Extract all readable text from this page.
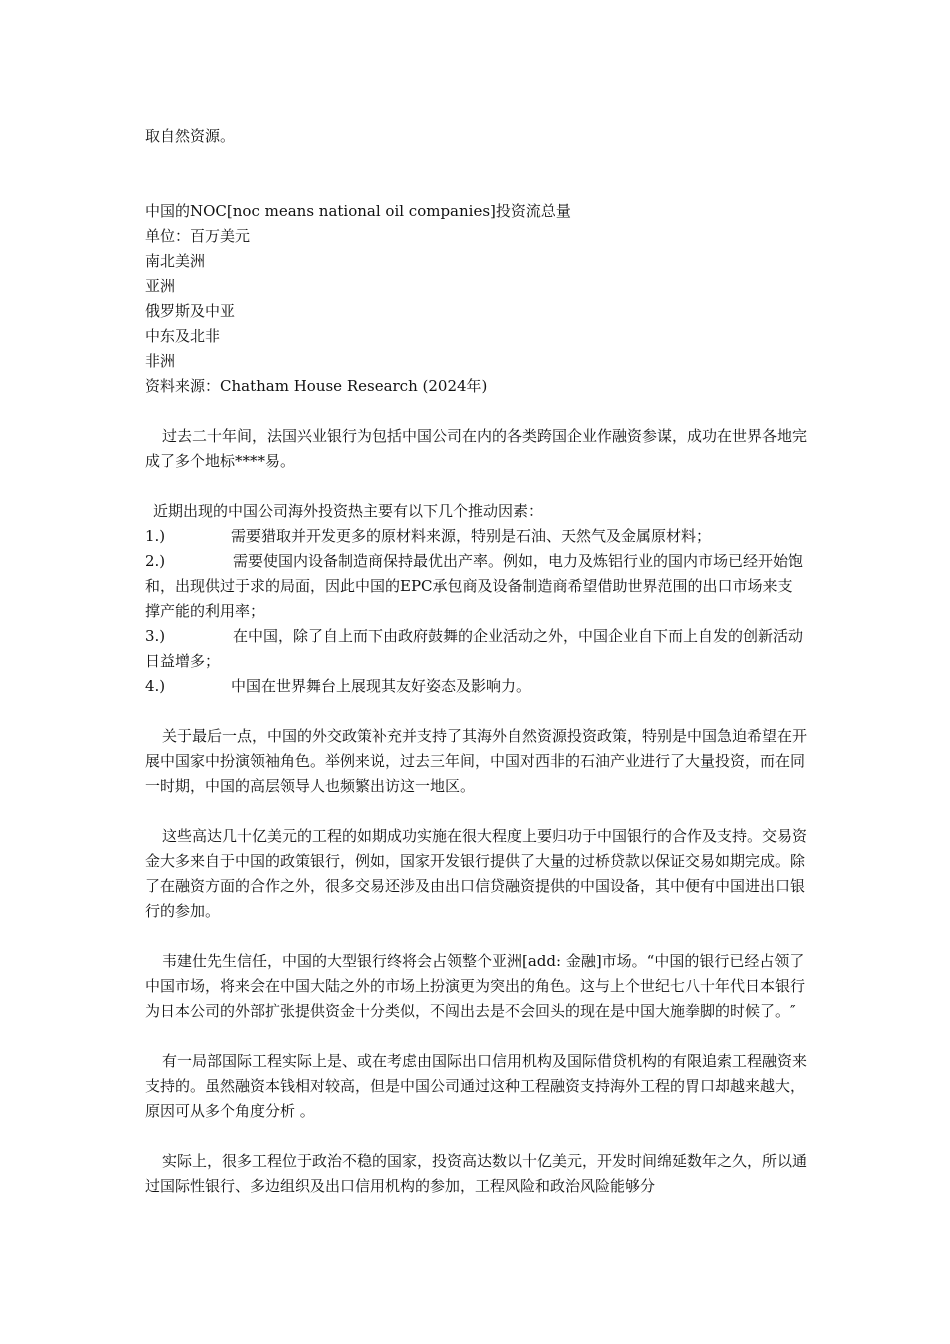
取自然资源。

中国的NOC[noc means national oil companies]投资流总量

单位：百万美元

南北美洲

亚洲

俄罗斯及中亚

中东及北非

非洲

资料来源：Chatham House Research (2024年)

过去二十年间，法国兴业银行为包括中国公司在内的各类跨国企业作融资参谋，成功在世界各地完成了多个地标****易。

近期出现的中国公司海外投资热主要有以下几个推动因素：

1.)	需要猎取并开发更多的原材料来源，特别是石油、天然气及金属原材料；

2.)	需要使国内设备制造商保持最优出产率。例如，电力及炼铝行业的国内市场已经开始饱和，出现供过于求的局面，因此中国的EPC承包商及设备制造商希望借助世界范围的出口市场来支撑产能的利用率；

3.)	在中国，除了自上而下由政府鼓舞的企业活动之外，中国企业自下而上自发的创新活动日益增多；

4.)	中国在世界舞台上展现其友好姿态及影响力。

关于最后一点，中国的外交政策补充并支持了其海外自然资源投资政策，特别是中国急迫希望在开展中国家中扮演领袖角色。举例来说，过去三年间，中国对西非的石油产业进行了大量投资，而在同一时期，中国的高层领导人也频繁出访这一地区。

这些高达几十亿美元的工程的如期成功实施在很大程度上要归功于中国银行的合作及支持。交易资金大多来自于中国的政策银行，例如，国家开发银行提供了大量的过桥贷款以保证交易如期完成。除了在融资方面的合作之外，很多交易还涉及由出口信贷融资提供的中国设备，其中便有中国进出口银行的参加。

韦建仕先生信任，中国的大型银行终将会占领整个亚洲[add: 金融]市场。“中国的银行已经占领了中国市场，将来会在中国大陆之外的市场上扮演更为突出的角色。这与上个世纪七八十年代日本银行为日本公司的外部扩张提供资金十分类似，不闯出去是不会回头的现在是中国大施拳脚的时候了。″

有一局部国际工程实际上是、或在考虑由国际出口信用机构及国际借贷机构的有限追索工程融资来支持的。虽然融资本钱相对较高，但是中国公司通过这种工程融资支持海外工程的胃口却越来越大，原因可从多个角度分析 。

实际上，很多工程位于政治不稳的国家，投资高达数以十亿美元，开发时间绵延数年之久，所以通过国际性银行、多边组织及出口信用机构的参加，工程风险和政治风险能够分
